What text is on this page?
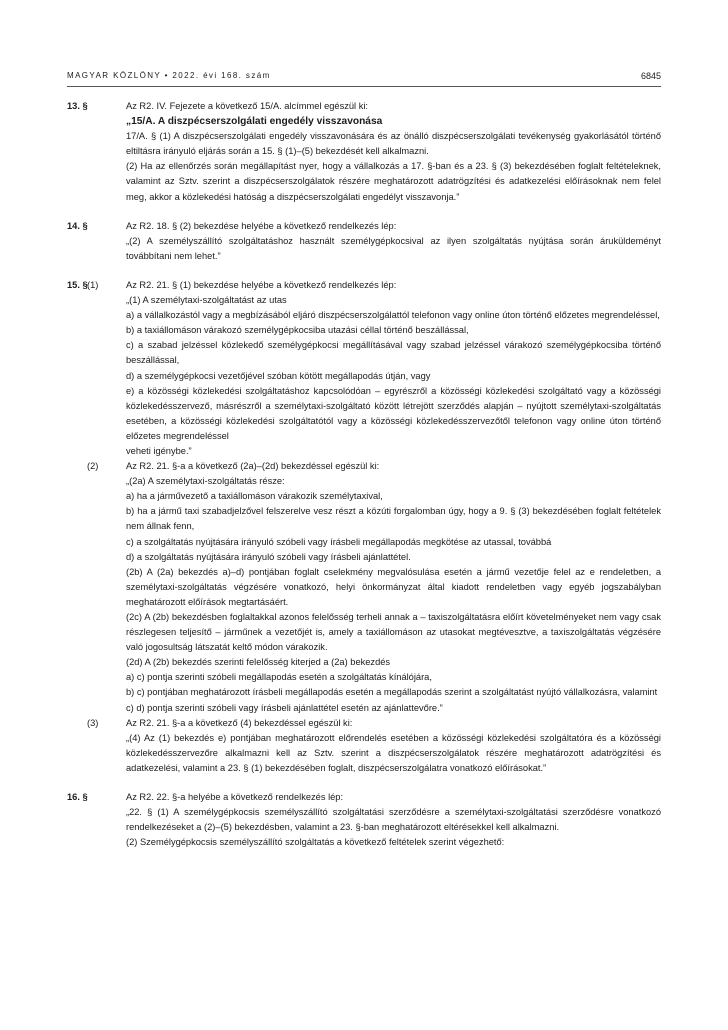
MAGYAR KÖZLÖNY • 2022. évi 168. szám	6845
13. §	Az R2. IV. Fejezete a következő 15/A. alcímmel egészül ki:

„15/A. A diszpécserszolgálati engedély visszavonása

17/A. § (1) A diszpécserszolgálati engedély visszavonására és az önálló diszpécserszolgálati tevékenység gyakorlásától történő eltiltásra irányuló eljárás során a 15. § (1)–(5) bekezdését kell alkalmazni.

(2) Ha az ellenőrzés során megállapítást nyer, hogy a vállalkozás a 17. §-ban és a 23. § (3) bekezdésében foglalt feltételeknek, valamint az Sztv. szerint a diszpécserszolgálatok részére meghatározott adatrögzítési és adatkezelési előírásoknak nem felel meg, akkor a közlekedési hatóság a diszpécserszolgálati engedélyt visszavonja.”

14. §	Az R2. 18. § (2) bekezdése helyébe a következő rendelkezés lép:

„(2) A személyszállító szolgáltatáshoz használt személygépkocsival az ilyen szolgáltatás nyújtása során áruküldeményt továbbítani nem lehet.”

15. § (1)	Az R2. 21. § (1) bekezdése helyébe a következő rendelkezés lép:

„(1) A személytaxi-szolgáltatást az utas

a) a vállalkozástól vagy a megbízásából eljáró diszpécserszolgálattól telefonon vagy online úton történő előzetes megrendeléssel,

b) a taxiállomáson várakozó személygépkocsiba utazási céllal történő beszállással,

c) a szabad jelzéssel közlekedő személygépkocsi megállításával vagy szabad jelzéssel várakozó személygépkocsiba történő beszállással,

d) a személygépkocsi vezetőjével szóban kötött megállapodás útján, vagy

e) a közösségi közlekedési szolgáltatáshoz kapcsolódóan – egyrészről a közösségi közlekedési szolgáltató vagy a közösségi közlekedésszervező, másrészről a személytaxi-szolgáltató között létrejött szerződés alapján – nyújtott személytaxi-szolgáltatás esetében, a közösségi közlekedési szolgáltatótól vagy a közösségi közlekedésszervezőtől telefonon vagy online úton történő előzetes megrendeléssel

veheti igénybe.”

(2)	Az R2. 21. §-a a következő (2a)–(2d) bekezdéssel egészül ki:

„(2a) A személytaxi-szolgáltatás része:

a) ha a járművezető a taxiállomáson várakozik személytaxival,

b) ha a jármű taxi szabadjelzővel felszerelve vesz részt a közúti forgalomban úgy, hogy a 9. § (3) bekezdésében foglalt feltételek nem állnak fenn,

c) a szolgáltatás nyújtására irányuló szóbeli vagy írásbeli megállapodás megkötése az utassal, továbbá

d) a szolgáltatás nyújtására irányuló szóbeli vagy írásbeli ajánlattétel.

(2b) A (2a) bekezdés a)–d) pontjában foglalt cselekmény megvalósulása esetén a jármű vezetője felel az e rendeletben, a személytaxi-szolgáltatás végzésére vonatkozó, helyi önkormányzat által kiadott rendeletben vagy egyéb jogszabályban meghatározott előírások megtartásáért.

(2c) A (2b) bekezdésben foglaltakkal azonos felelősség terheli annak a – taxiszolgáltatásra előírt követelményeket nem vagy csak részlegesen teljesítő – járműnek a vezetőjét is, amely a taxiállomáson az utasokat megtévesztve, a taxiszolgáltatás végzésére való jogosultság látszatát keltő módon várakozik.

(2d) A (2b) bekezdés szerinti felelősség kiterjed a (2a) bekezdés

a) c) pontja szerinti szóbeli megállapodás esetén a szolgáltatás kínálójára,

b) c) pontjában meghatározott írásbeli megállapodás esetén a megállapodás szerint a szolgáltatást nyújtó vállalkozásra, valamint

c) d) pontja szerinti szóbeli vagy írásbeli ajánlattétel esetén az ajánlattevőre.”

(3)	Az R2. 21. §-a a következő (4) bekezdéssel egészül ki:

„(4) Az (1) bekezdés e) pontjában meghatározott előrendelés esetében a közösségi közlekedési szolgáltatóra és a közösségi közlekedésszervezőre alkalmazni kell az Sztv. szerint a diszpécserszolgálatok részére meghatározott adatrögzítési és adatkezelési, valamint a 23. § (1) bekezdésében foglalt, diszpécserszolgálatra vonatkozó előírásokat.”

16. §	Az R2. 22. §-a helyébe a következő rendelkezés lép:

„22. § (1) A személygépkocsis személyszállító szolgáltatási szerződésre a személytaxi-szolgáltatási szerződésre vonatkozó rendelkezéseket a (2)–(5) bekezdésben, valamint a 23. §-ban meghatározott eltérésekkel kell alkalmazni.

(2) Személygépkocsis személyszállító szolgáltatás a következő feltételek szerint végezhető:
